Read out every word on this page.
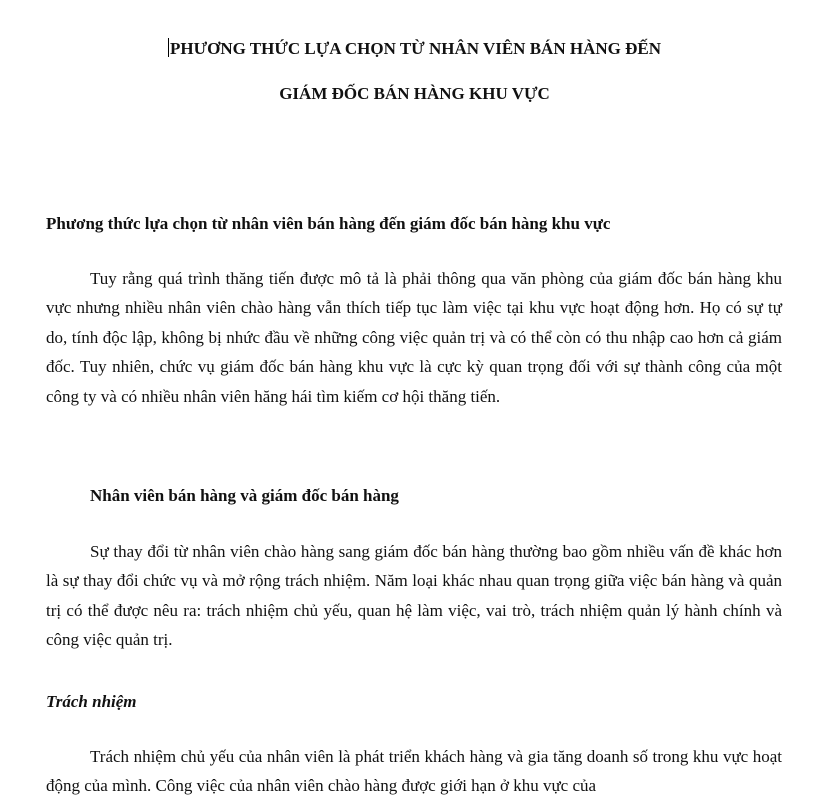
PHƯƠNG THỨC LỰA CHỌN TỪ NHÂN VIÊN BÁN HÀNG ĐẾN
GIÁM ĐỐC BÁN HÀNG KHU VỰC
Phương thức lựa chọn từ nhân viên bán hàng đến giám đốc bán hàng khu vực

Tuy rằng quá trình thăng tiến được mô tả là phải thông qua văn phòng của giám đốc bán hàng khu vực nhưng nhiều nhân viên chào hàng vẫn thích tiếp tục làm việc tại khu vực hoạt động hơn. Họ có sự tự do, tính độc lập, không bị nhức đầu về những công việc quản trị và có thể còn có thu nhập cao hơn cả giám đốc. Tuy nhiên, chức vụ giám đốc bán hàng khu vực là cực kỳ quan trọng đối với sự thành công của một công ty và có nhiều nhân viên hăng hái tìm kiếm cơ hội thăng tiến.

Nhân viên bán hàng và giám đốc bán hàng

Sự thay đổi từ nhân viên chào hàng sang giám đốc bán hàng thường bao gồm nhiều vấn đề khác hơn là sự thay đổi chức vụ và mở rộng trách nhiệm. Năm loại khác nhau quan trọng giữa việc bán hàng và quản trị có thể được nêu ra: trách nhiệm chủ yếu, quan hệ làm việc, vai trò, trách nhiệm quản lý hành chính và công việc quản trị.

Trách nhiệm

Trách nhiệm chủ yếu của nhân viên là phát triển khách hàng và gia tăng doanh số trong khu vực hoạt động của mình. Công việc của nhân viên chào hàng được giới hạn ở khu vực của
